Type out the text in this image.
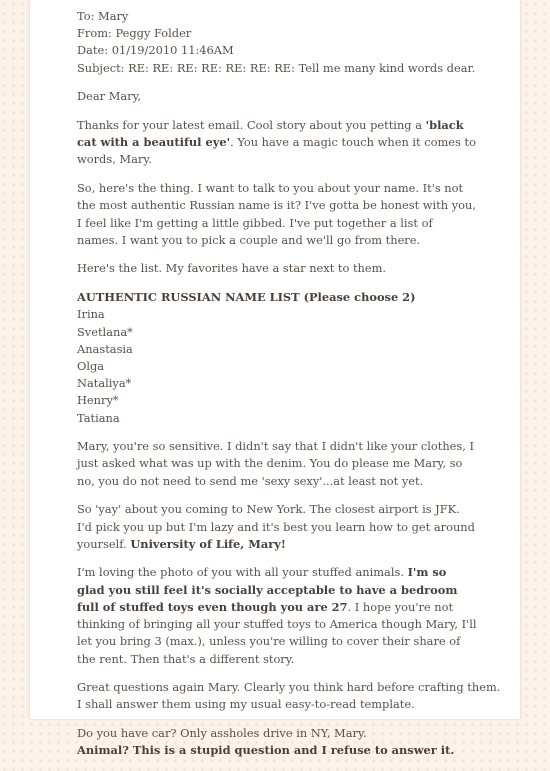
To: Mary
From: Peggy Folder
Date: 01/19/2010 11:46AM
Subject: RE: RE: RE: RE: RE: RE: RE: Tell me many kind words dear.

Dear Mary,

Thanks for your latest email. Cool story about you petting a 'black cat with a beautiful eye'. You have a magic touch when it comes to words, Mary.

So, here's the thing. I want to talk to you about your name. It's not the most authentic Russian name is it? I've gotta be honest with you, I feel like I'm getting a little gibbed. I've put together a list of names. I want you to pick a couple and we'll go from there.

Here's the list. My favorites have a star next to them.

AUTHENTIC RUSSIAN NAME LIST (Please choose 2)
Irina
Svetlana*
Anastasia
Olga
Nataliya*
Henry*
Tatiana

Mary, you're so sensitive. I didn't say that I didn't like your clothes, I just asked what was up with the denim. You do please me Mary, so no, you do not need to send me 'sexy sexy'...at least not yet.

So 'yay' about you coming to New York. The closest airport is JFK. I'd pick you up but I'm lazy and it's best you learn how to get around yourself. University of Life, Mary!

I'm loving the photo of you with all your stuffed animals. I'm so glad you still feel it's socially acceptable to have a bedroom full of stuffed toys even though you are 27. I hope you're not thinking of bringing all your stuffed toys to America though Mary, I'll let you bring 3 (max.), unless you're willing to cover their share of the rent. Then that's a different story.

Great questions again Mary. Clearly you think hard before crafting them.
I shall answer them using my usual easy-to-read template.
Do you have car? Only assholes drive in NY, Mary.
Animal? This is a stupid question and I refuse to answer it.
